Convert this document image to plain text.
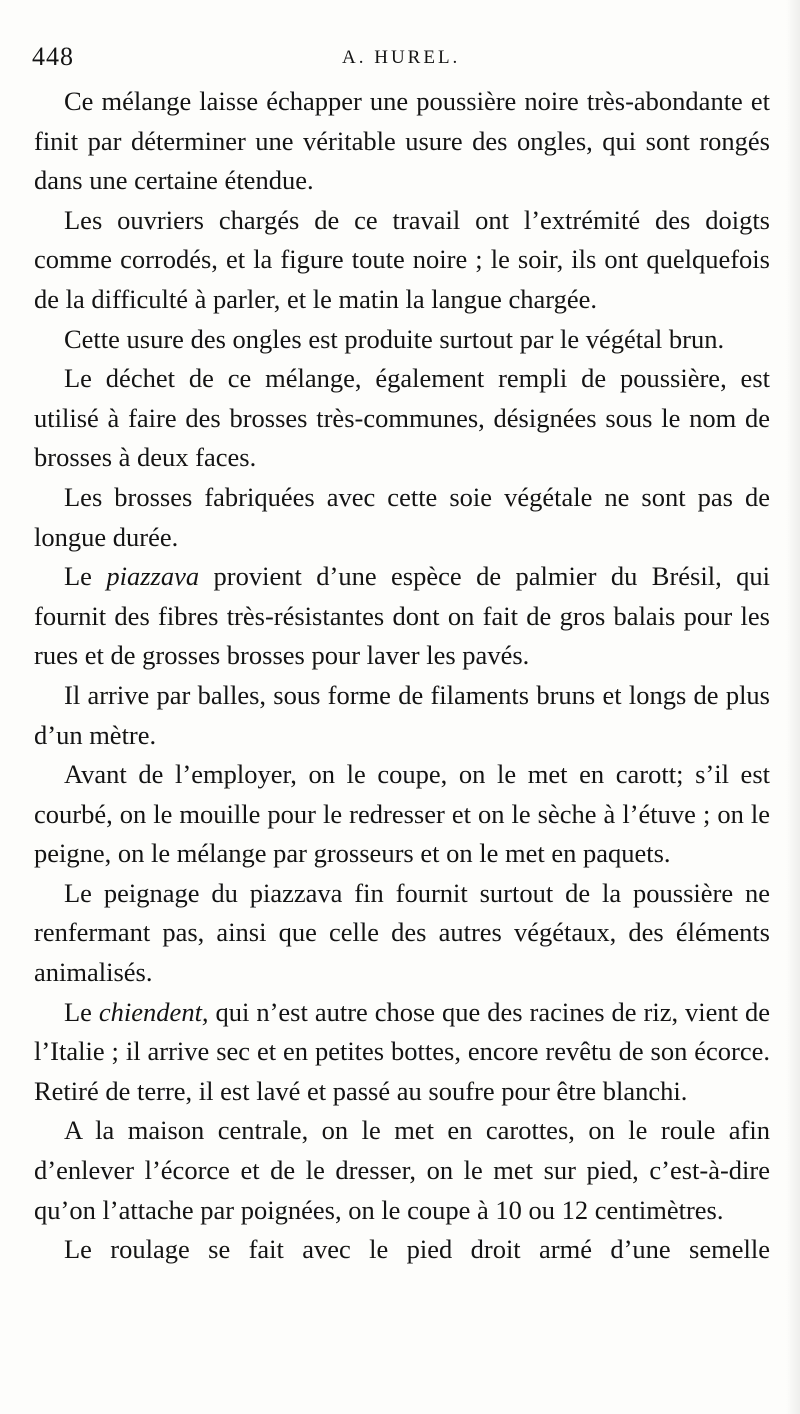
448	A. HUREL.

Ce mélange laisse échapper une poussière noire très-abondante et finit par déterminer une véritable usure des ongles, qui sont rongés dans une certaine étendue.

Les ouvriers chargés de ce travail ont l’extrémité des doigts comme corrodés, et la figure toute noire ; le soir, ils ont quelquefois de la difficulté à parler, et le matin la langue chargée.

Cette usure des ongles est produite surtout par le végétal brun.

Le déchet de ce mélange, également rempli de poussière, est utilisé à faire des brosses très-communes, désignées sous le nom de brosses à deux faces.

Les brosses fabriquées avec cette soie végétale ne sont pas de longue durée.

Le piazzava provient d’une espèce de palmier du Brésil, qui fournit des fibres très-résistantes dont on fait de gros balais pour les rues et de grosses brosses pour laver les pavés.

Il arrive par balles, sous forme de filaments bruns et longs de plus d’un mètre.

Avant de l’employer, on le coupe, on le met en carott; s’il est courbé, on le mouille pour le redresser et on le sèche à l’étuve ; on le peigne, on le mélange par grosseurs et on le met en paquets.

Le peignage du piazzava fin fournit surtout de la poussière ne renfermant pas, ainsi que celle des autres végétaux, des éléments animalisés.

Le chiendent, qui n’est autre chose que des racines de riz, vient de l’Italie ; il arrive sec et en petites bottes, encore revêtu de son écorce. Retiré de terre, il est lavé et passé au soufre pour être blanchi.

A la maison centrale, on le met en carottes, on le roule afin d’enlever l’écorce et de le dresser, on le met sur pied, c’est-à-dire qu’on l’attache par poignées, on le coupe à 10 ou 12 centimètres.

Le roulage se fait avec le pied droit armé d’une semelle
